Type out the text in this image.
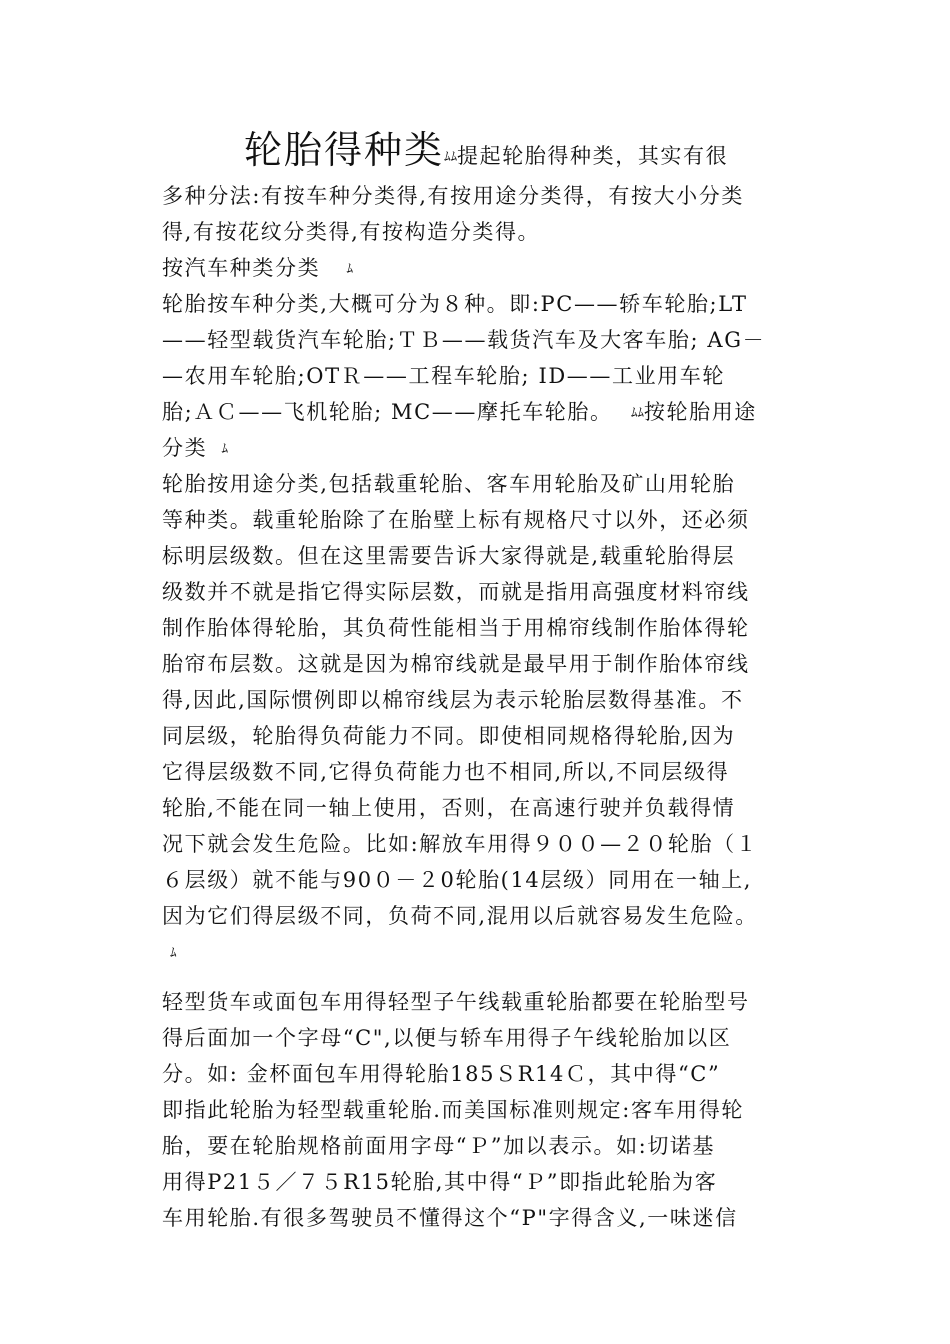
轮胎得种类ﾑﾑ提起轮胎得种类，其实有很
多种分法:有按车种分类得,有按用途分类得，有按大小分类
得,有按花纹分类得,有按构造分类得。
按汽车种类分类 ﾑ
轮胎按车种分类,大概可分为８种。即:PC——轿车轮胎;LT
——轻型载货汽车轮胎;ＴＢ——载货汽车及大客车胎; AG－
—农用车轮胎;OTＲ——工程车轮胎; ID——工业用车轮
胎;ＡＣ——飞机轮胎; MC——摩托车轮胎。 ﾑﾑ按轮胎用途
分类 ﾑ
轮胎按用途分类,包括载重轮胎、客车用轮胎及矿山用轮胎
等种类。载重轮胎除了在胎壁上标有规格尺寸以外，还必须
标明层级数。但在这里需要告诉大家得就是,载重轮胎得层
级数并不就是指它得实际层数，而就是指用高强度材料帘线
制作胎体得轮胎，其负荷性能相当于用棉帘线制作胎体得轮
胎帘布层数。这就是因为棉帘线就是最早用于制作胎体帘线
得,因此,国际惯例即以棉帘线层为表示轮胎层数得基准。不
同层级，轮胎得负荷能力不同。即使相同规格得轮胎,因为
它得层级数不同,它得负荷能力也不相同,所以,不同层级得
轮胎,不能在同一轴上使用，否则，在高速行驶并负载得情
况下就会发生危险。比如:解放车用得９００—２０轮胎（１
６层级）就不能与90０－２0轮胎(14层级）同用在一轴上,
因为它们得层级不同，负荷不同,混用以后就容易发生危险。
ﾑ
轻型货车或面包车用得轻型子午线载重轮胎都要在轮胎型号
得后面加一个字母“C",以便与轿车用得子午线轮胎加以区
分。如: 金杯面包车用得轮胎185ＳR14Ｃ，其中得“C”
即指此轮胎为轻型载重轮胎.而美国标准则规定:客车用得轮
胎，要在轮胎规格前面用字母“Ｐ”加以表示。如:切诺基
用得P21５／７５R15轮胎,其中得“Ｐ”即指此轮胎为客
车用轮胎.有很多驾驶员不懂得这个“P"字得含义,一味迷信
